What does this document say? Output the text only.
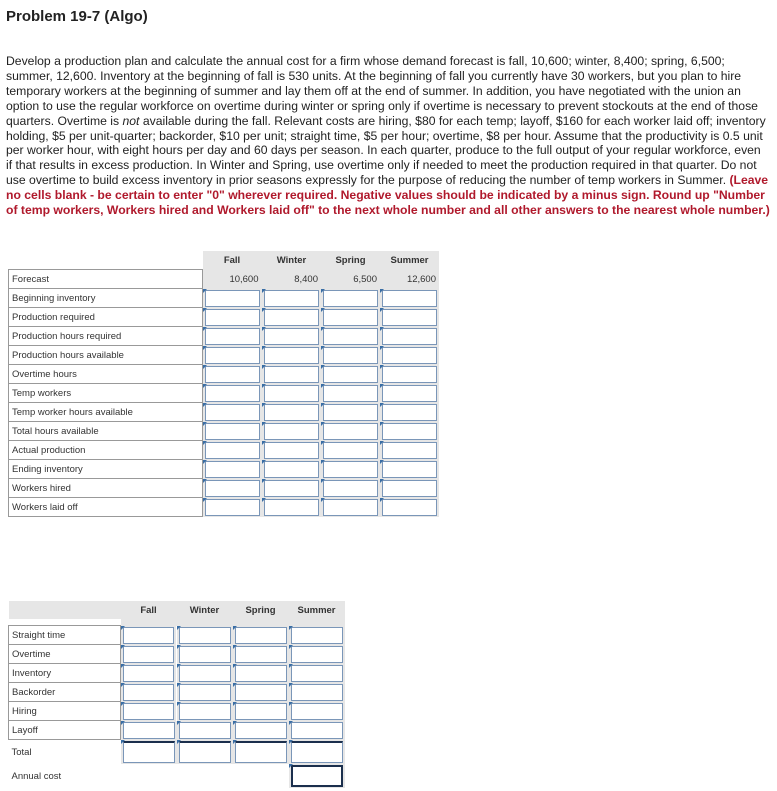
Problem 19-7 (Algo)
Develop a production plan and calculate the annual cost for a firm whose demand forecast is fall, 10,600; winter, 8,400; spring, 6,500; summer, 12,600. Inventory at the beginning of fall is 530 units. At the beginning of fall you currently have 30 workers, but you plan to hire temporary workers at the beginning of summer and lay them off at the end of summer. In addition, you have negotiated with the union an option to use the regular workforce on overtime during winter or spring only if overtime is necessary to prevent stockouts at the end of those quarters. Overtime is not available during the fall. Relevant costs are hiring, $80 for each temp; layoff, $160 for each worker laid off; inventory holding, $5 per unit-quarter; backorder, $10 per unit; straight time, $5 per hour; overtime, $8 per hour. Assume that the productivity is 0.5 unit per worker hour, with eight hours per day and 60 days per season. In each quarter, produce to the full output of your regular workforce, even if that results in excess production. In Winter and Spring, use overtime only if needed to meet the production required in that quarter. Do not use overtime to build excess inventory in prior seasons expressly for the purpose of reducing the number of temp workers in Summer. (Leave no cells blank - be certain to enter "0" wherever required. Negative values should be indicated by a minus sign. Round up "Number of temp workers, Workers hired and Workers laid off" to the next whole number and all other answers to the nearest whole number.)
	Fall	Winter	Spring	Summer
Forecast	10,600	8,400	6,500	12,600
Beginning inventory	

Production required	

Production hours required	

Production hours available	

Overtime hours	

Temp workers	

Temp worker hours available	

Total hours available	

Actual production	

Ending inventory	

Workers hired	

Workers laid off	

	Fall	Winter	Spring	Summer

Straight time	

Overtime	

Inventory	

Backorder	

Hiring	

Layoff	

Total	

Annual cost				
